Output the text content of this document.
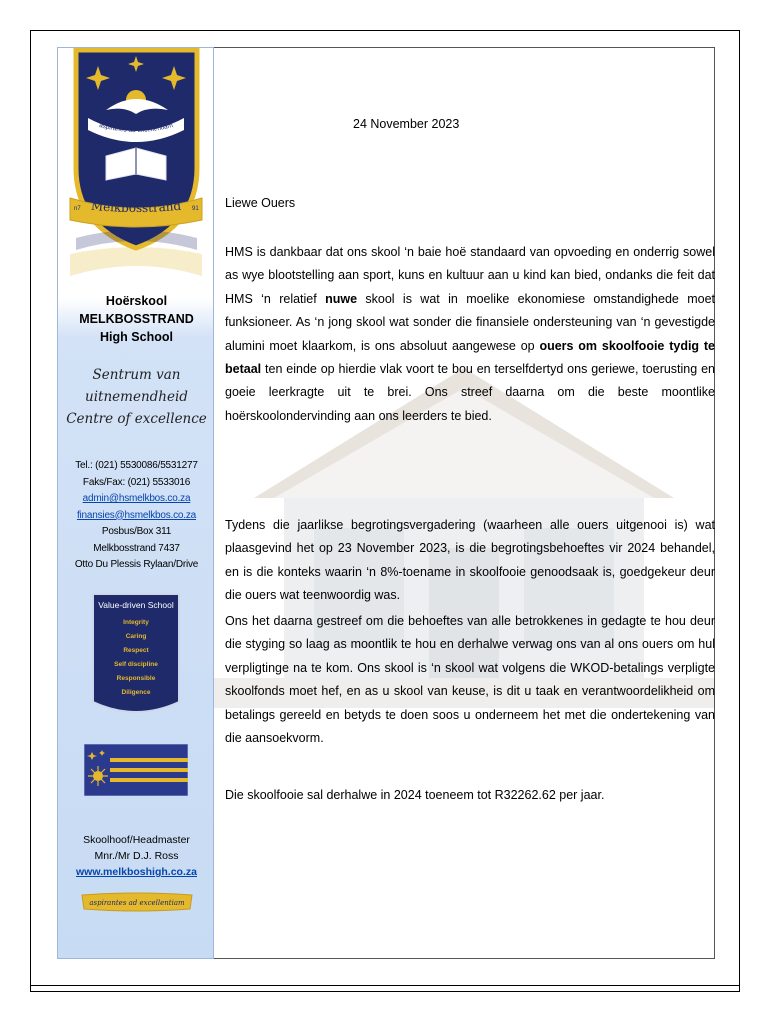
aspiranes ad excellentiam
Melkbosstrand
n7	91
Hoërskool
MELKBOSSTRAND
High School
Sentrum van
uitnemendheid
Centre of excellence
Tel.: (021) 5530086/5531277
Faks/Fax: (021) 5533016
admin@hsmelkbos.co.za
finansies@hsmelkbos.co.za
Posbus/Box 311
Melkbosstrand 7437
Otto Du Plessis Rylaan/Drive
Value-driven School
Integrity
Caring
Respect
Self discipline
Responsible
Diligence
Skoolhoof/Headmaster
Mnr./Mr D.J. Ross
www.melkboshigh.co.za
aspirantes ad excellentiam
24 November 2023
Liewe Ouers
HMS is dankbaar dat ons skool ‘n baie hoë standaard van opvoeding en onderrig sowel as wye blootstelling aan sport, kuns en kultuur aan u kind kan bied, ondanks die feit dat HMS ‘n relatief nuwe skool is wat in moelike ekonomiese omstandighede moet funksioneer. As ‘n jong skool wat sonder die finansiele ondersteuning van ‘n gevestigde alumini moet klaarkom, is ons absoluut aangewese op ouers om skoolfooie tydig te betaal ten einde op hierdie vlak voort te bou en terselfdertyd ons geriewe, toerusting en goeie leerkragte uit te brei. Ons streef daarna om die beste moontlike hoërskoolondervinding aan ons leerders te bied.
Tydens die jaarlikse begrotingsvergadering (waarheen alle ouers uitgenooi is) wat plaasgevind het op 23 November 2023, is die begrotingsbehoeftes vir 2024 behandel, en is die konteks waarin ‘n 8%-toename in skoolfooie genoodsaak is, goedgekeur deur die ouers wat teenwoordig was.
Ons het daarna gestreef om die behoeftes van alle betrokkenes in gedagte te hou deur die styging so laag as moontlik te hou en derhalwe verwag ons van al ons ouers om hul verpligtinge na te kom. Ons skool is ‘n skool wat volgens die WKOD-betalings verpligte skoolfonds moet hef, en as u skool van keuse, is dit u taak en verantwoordelikheid om betalings gereeld en betyds te doen soos u onderneem het met die ondertekening van die aansoekvorm.
Die skoolfooie sal derhalwe in 2024 toeneem tot R32262.62 per jaar.
